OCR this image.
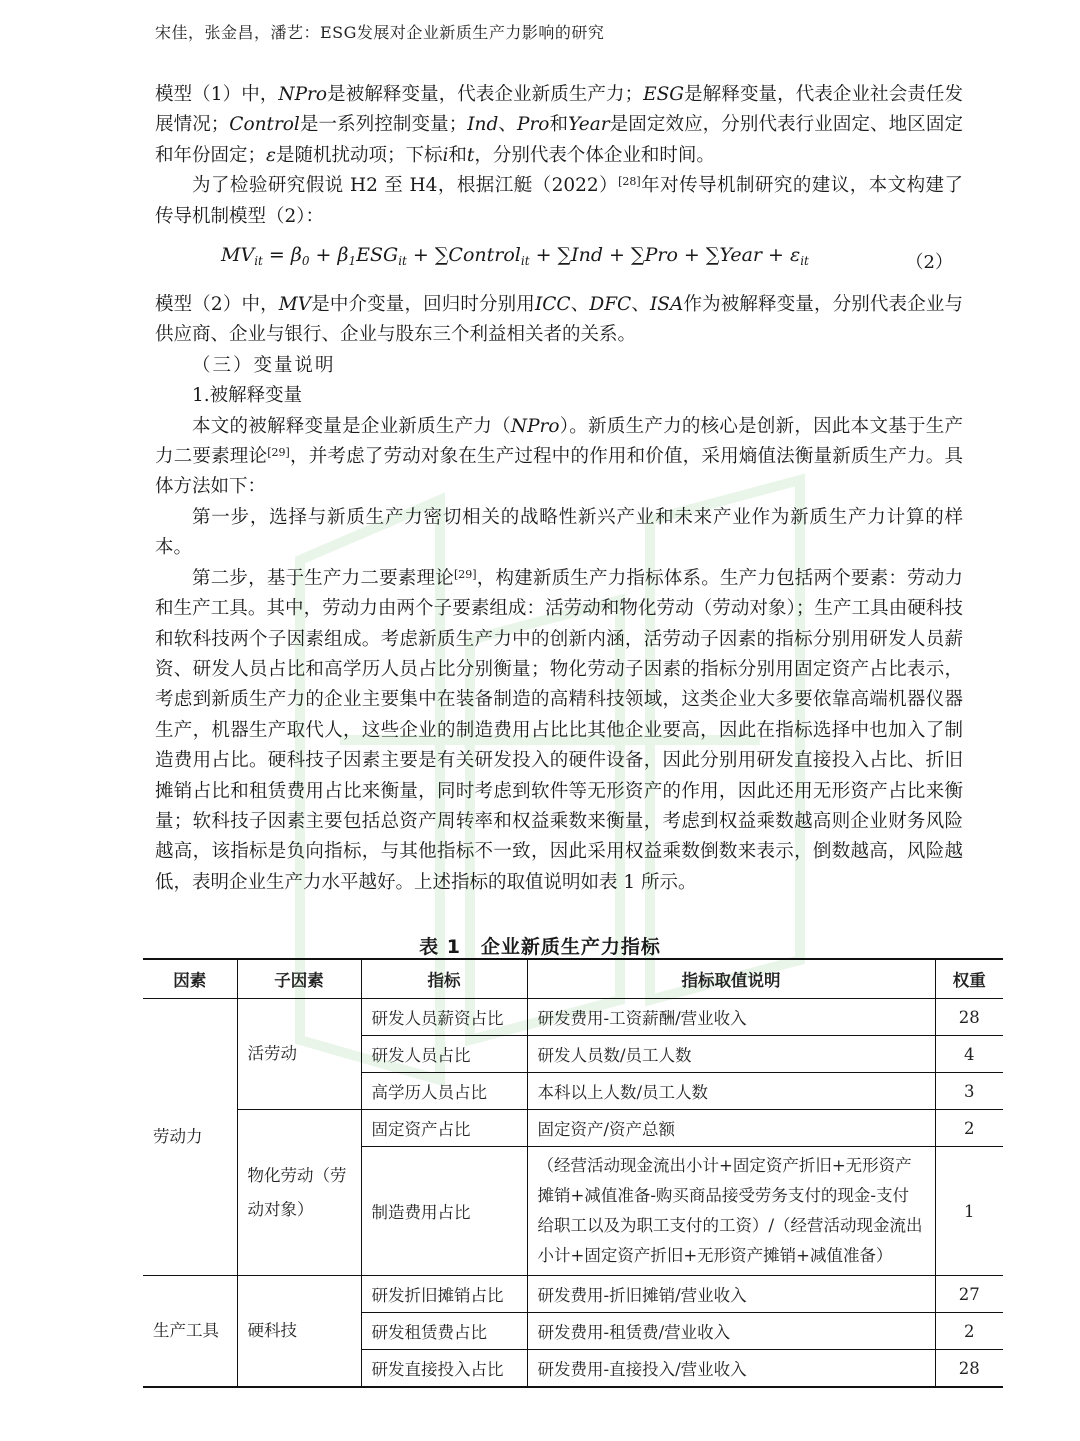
宋佳，张金昌，潘艺：ESG发展对企业新质生产力影响的研究

模型（1）中，NPro是被解释变量，代表企业新质生产力；ESG是解释变量，代表企业社会责任发展情况；Control是一系列控制变量；Ind、Pro和Year是固定效应，分别代表行业固定、地区固定和年份固定；ε是随机扰动项；下标i和t，分别代表个体企业和时间。

为了检验研究假说 H2 至 H4，根据江艇（2022）[28]年对传导机制研究的建议，本文构建了传导机制模型（2）：

$MV_{it} = \beta_0 + \beta_1ESG_{it}$ + ∑Control$_{it}$ + ∑Ind + ∑Pro + ∑Year + $\varepsilon_{it}$	（2）

模型（2）中，MV是中介变量，回归时分别用ICC、DFC、ISA作为被解释变量，分别代表企业与供应商、企业与银行、企业与股东三个利益相关者的关系。

（三）变量说明

1.被解释变量

本文的被解释变量是企业新质生产力（NPro）。新质生产力的核心是创新，因此本文基于生产力二要素理论[29]，并考虑了劳动对象在生产过程中的作用和价值，采用熵值法衡量新质生产力。具体方法如下：

第一步，选择与新质生产力密切相关的战略性新兴产业和未来产业作为新质生产力计算的样本。

第二步，基于生产力二要素理论[29]，构建新质生产力指标体系。生产力包括两个要素：劳动力和生产工具。其中，劳动力由两个子要素组成：活劳动和物化劳动（劳动对象）；生产工具由硬科技和软科技两个子因素组成。考虑新质生产力中的创新内涵，活劳动子因素的指标分别用研发人员薪资、研发人员占比和高学历人员占比分别衡量；物化劳动子因素的指标分别用固定资产占比表示，考虑到新质生产力的企业主要集中在装备制造的高精科技领域，这类企业大多要依靠高端机器仪器生产，机器生产取代人，这些企业的制造费用占比比其他企业要高，因此在指标选择中也加入了制造费用占比。硬科技子因素主要是有关研发投入的硬件设备，因此分别用研发直接投入占比、折旧摊销占比和租赁费用占比来衡量，同时考虑到软件等无形资产的作用，因此还用无形资产占比来衡量；软科技子因素主要包括总资产周转率和权益乘数来衡量，考虑到权益乘数越高则企业财务风险越高，该指标是负向指标，与其他指标不一致，因此采用权益乘数倒数来表示，倒数越高，风险越低，表明企业生产力水平越好。上述指标的取值说明如表 1 所示。

表 1　企业新质生产力指标
因素	子因素	指标	指标取值说明	权重
劳动力	活劳动	研发人员薪资占比	研发费用-工资薪酬/营业收入	28
		研发人员占比	研发人员数/员工人数	4
		高学历人员占比	本科以上人数/员工人数	3
	物化劳动（劳动对象）	固定资产占比	固定资产/资产总额	2
		制造费用占比	（经营活动现金流出小计+固定资产折旧+无形资产摊销+减值准备-购买商品接受劳务支付的现金-支付给职工以及为职工支付的工资）/（经营活动现金流出小计+固定资产折旧+无形资产摊销+减值准备）	1
生产工具	硬科技	研发折旧摊销占比	研发费用-折旧摊销/营业收入	27
		研发租赁费占比	研发费用-租赁费/营业收入	2
		研发直接投入占比	研发费用-直接投入/营业收入	28
